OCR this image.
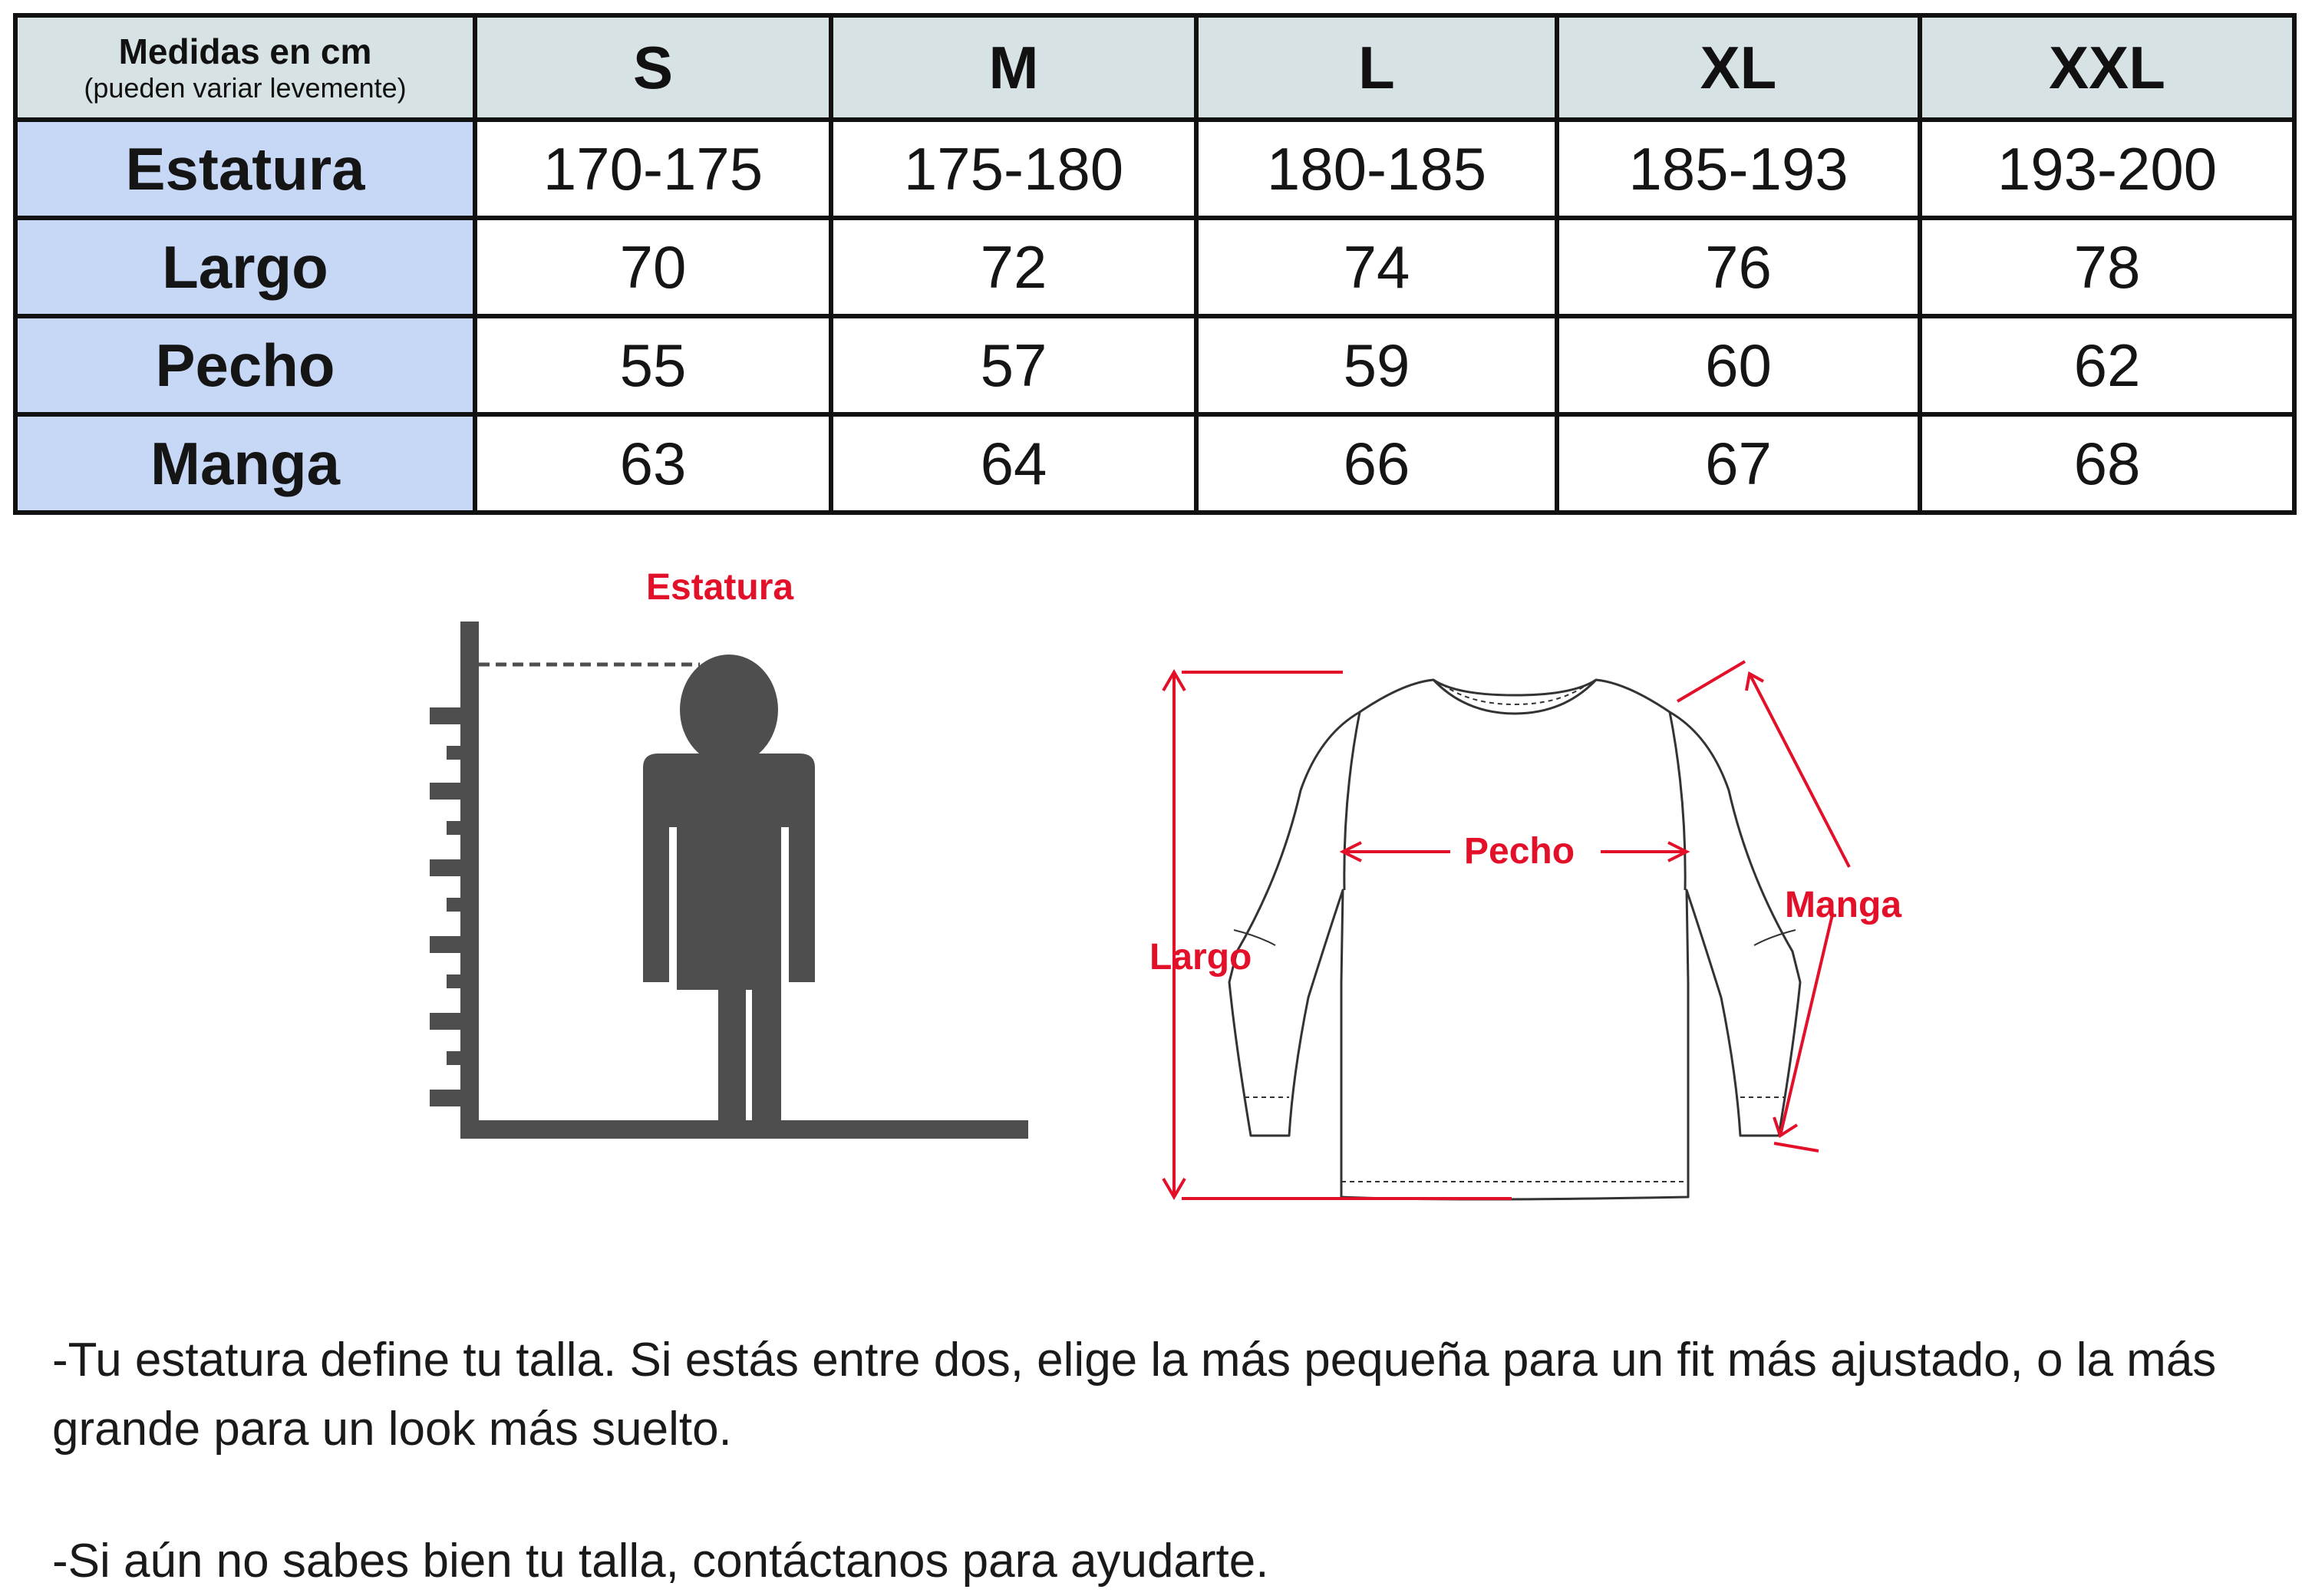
Medidas en cm
(pueden variar levemente)	S	M	L	XL	XXL
Estatura	170-175	175-180	180-185	185-193	193-200
Largo	70	72	74	76	78
Pecho	55	57	59	60	62
Manga	63	64	66	67	68
Estatura
Largo
Pecho
Manga

-Tu estatura define tu talla. Si estás entre dos, elige la más pequeña para un fit más ajustado, o la más grande para un look más suelto.

-Si aún no sabes bien tu talla, contáctanos para ayudarte.
